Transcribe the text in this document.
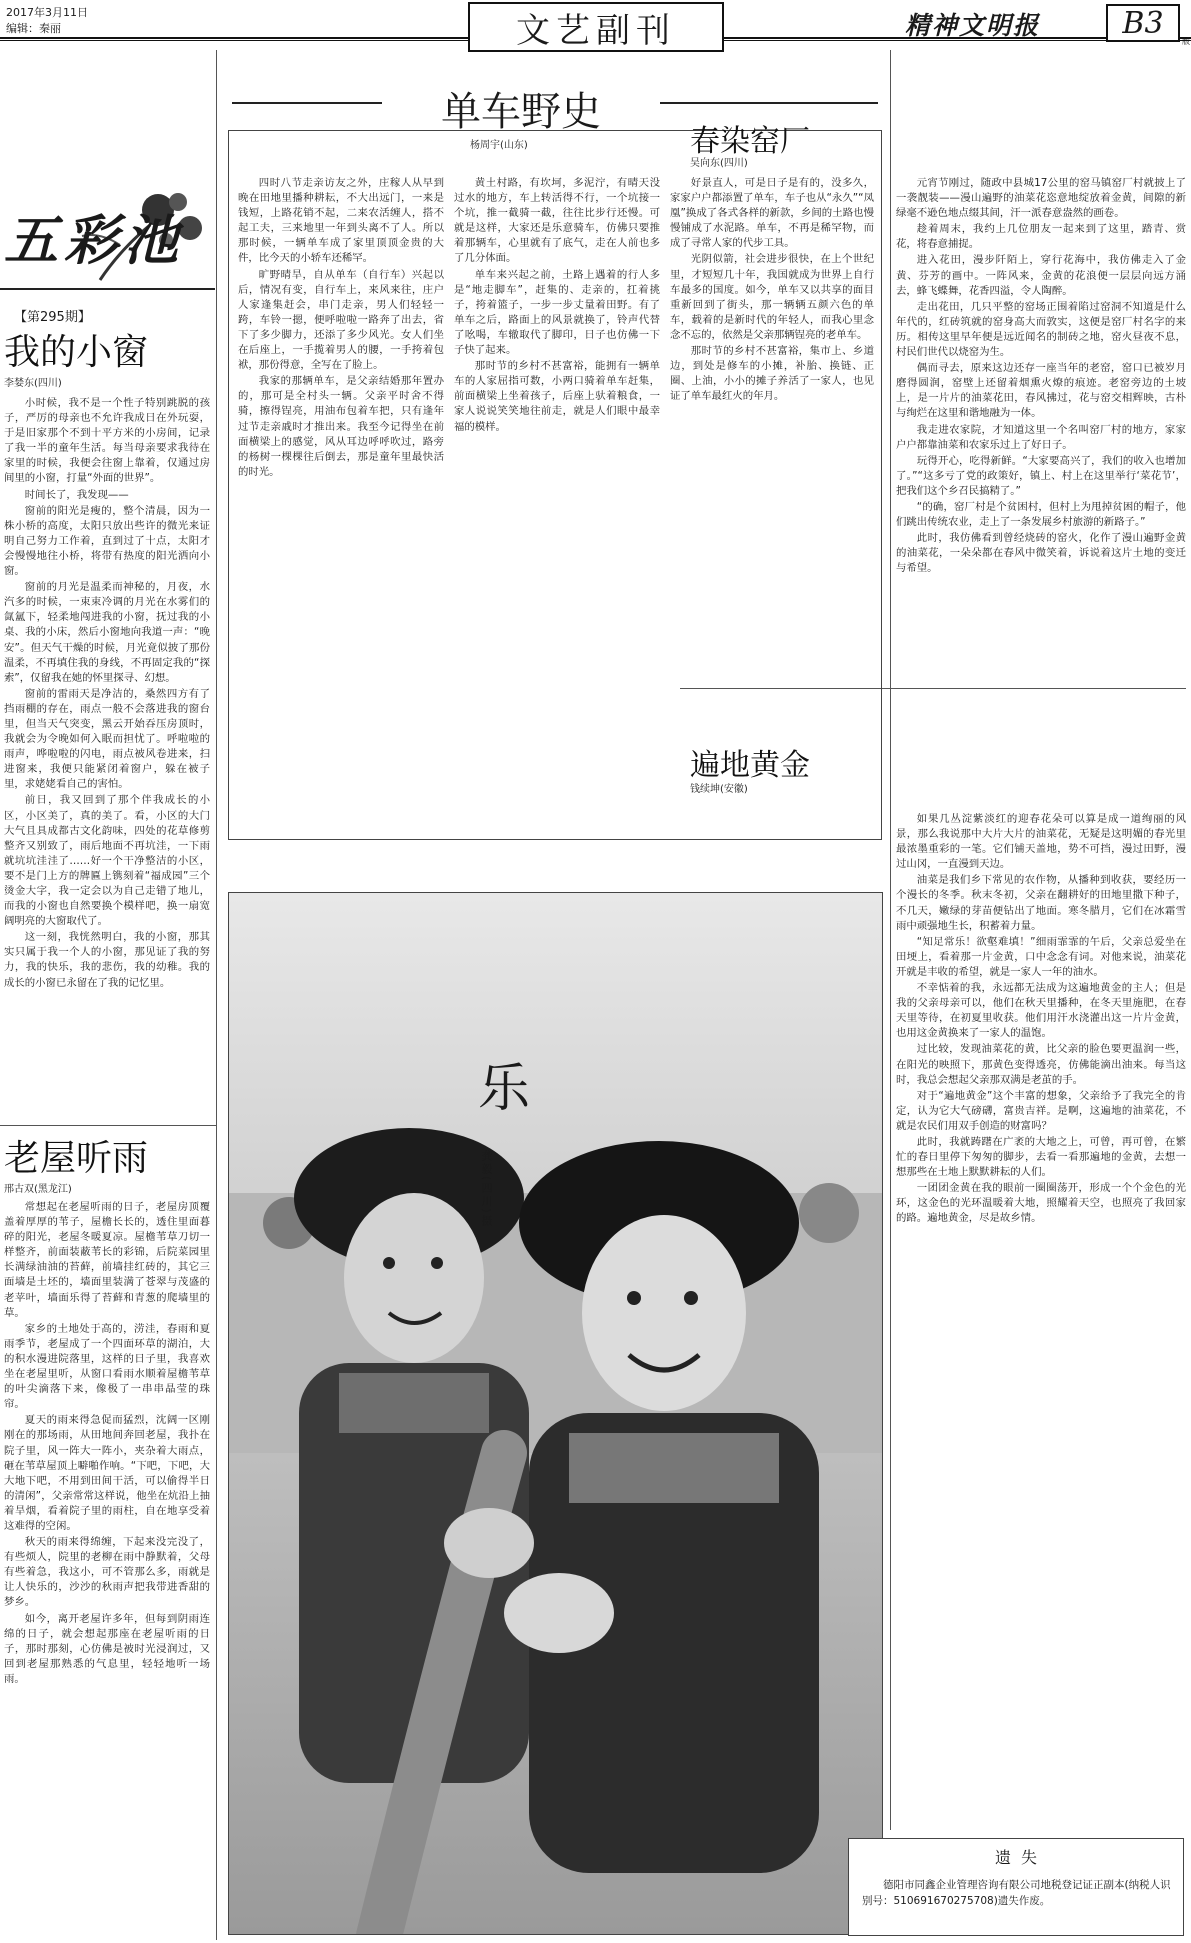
2017年3月11日
编辑：秦丽	文艺副刊	精神文明报	B3
版
五彩池
【第295期】
我的小窗
李婪东(四川)

小时候，我不是一个性子特别跳脱的孩子，严厉的母亲也不允许我成日在外玩耍，于是旧家那个不到十平方米的小房间，记录了我一半的童年生活。每当母亲要求我待在家里的时候，我便会往窗上靠着，仅通过房间里的小窗，打量“外面的世界”。

时间长了，我发现——

窗前的阳光是瘦的，整个清晨，因为一株小桥的高度，太阳只放出些许的微光来证明自己努力工作着，直到过了十点，太阳才会慢慢地往小桥，将带有热度的阳光洒向小窗。

窗前的月光是温柔而神秘的，月夜，水汽多的时候，一束束冷调的月光在水雾们的氤氲下，轻柔地闯进我的小窗，抚过我的小桌、我的小床，然后小窗地向我道一声：“晚安”。但天气干燥的时候，月光竟似披了那份温柔，不再填住我的身线，不再固定我的“探索”，仅留我在她的怀里探寻、幻想。

窗前的雷雨天是净洁的，桑然四方有了挡雨棚的存在，雨点一般不会落进我的窗台里，但当天气突变，黑云开始吞压房顶时，我就会为令晚如何入眠而担忧了。呼啦啦的雨声，哗啦啦的闪电，雨点被风卷进来，扫进窗来，我便只能紧闭着窗户，躲在被子里，求姥姥看自己的害怕。

前日，我又回到了那个伴我成长的小区，小区美了，真的美了。看，小区的大门大气且具成都古文化韵味，四处的花草修剪整齐又别致了，雨后地面不再坑洼，一下雨就坑坑洼洼了……好一个干净整洁的小区，要不是门上方的牌匾上镌刻着“福成园”三个烫金大字，我一定会以为自己走错了地儿，而我的小窗也自然要换个模样吧，换一扇宽阔明亮的大窗取代了。

这一刻，我恍然明白，我的小窗，那其实只属于我一个人的小窗，那见证了我的努力，我的快乐，我的悲伤，我的幼稚。我的成长的小窗已永留在了我的记忆里。

老屋听雨
邢古双(黑龙江)

常想起在老屋听雨的日子，老屋房顶覆盖着厚厚的苇子，屋檐长长的，透住里面暮碎的阳光，老屋冬暖夏凉。屋檐苇草刀切一样整齐，前面装蔽苇长的彩锦，后院菜园里长满绿油油的苔藓，前墙挂红砖的，其它三面墙是土坯的，墙面里装满了苍翠与茂盛的老苹叶，墙面乐得了苔藓和青葱的爬墙里的草。

家乡的土地处于高的，涝洼，春雨和夏雨季节，老屋成了一个四面环草的湖泊，大的积水漫进院落里，这样的日子里，我喜欢坐在老屋里听，从窗口看雨水顺着屋檐苇草的叶尖滴落下来，像极了一串串晶莹的珠帘。

夏天的雨来得急促而猛烈，沈阔一区刚刚在的那场雨，从田地间奔回老屋，我扑在院子里，风一阵大一阵小，夹杂着大雨点，砸在苇草屋顶上噼啪作响。“下吧，下吧，大大地下吧，不用到田间干活，可以偷得半日的清闲”，父亲常常这样说，他坐在炕沿上抽着旱烟，看着院子里的雨柱，自在地享受着这难得的空闲。

秋天的雨来得绵缠，下起来没完没了，有些烦人，院里的老柳在雨中静默着，父母有些着急，我这小，可不管那么多，雨就是让人快乐的，沙沙的秋雨声把我带进香甜的梦乡。

如今，离开老屋许多年，但每到阴雨连绵的日子，就会想起那座在老屋听雨的日子，那时那刻，心仿佛是被时光浸润过，又回到老屋那熟悉的气息里，轻轻地听一场雨。

单车野史
杨周宇(山东)

四时八节走亲访友之外，庄稼人从早到晚在田地里播种耕耘，不大出远门，一来是钱短，上路花销不起，二来农活缠人，搭不起工夫，三来地里一年到头离不了人。所以那时候，一辆单车成了家里顶顶金贵的大件，比今天的小轿车还稀罕。

旷野晴旱，自从单车（自行车）兴起以后，情况有变，自行车上，来风来往，庄户人家逢集赶会，串门走亲，男人们轻轻一跨，车铃一摁，便呼啦啦一路奔了出去，省下了多少脚力，还添了多少风光。女人们坐在后座上，一手揽着男人的腰，一手挎着包袱，那份得意，全写在了脸上。

我家的那辆单车，是父亲结婚那年置办的，那可是全村头一辆。父亲平时舍不得骑，擦得锃亮，用油布包着车把，只有逢年过节走亲戚时才推出来。我至今记得坐在前面横梁上的感觉，风从耳边呼呼吹过，路旁的杨树一棵棵往后倒去，那是童年里最快活的时光。

黄土村路，有坎坷，多泥泞，有晴天没过水的地方，车上转活得不行，一个坑接一个坑，推一截骑一截，往往比步行还慢。可就是这样，大家还是乐意骑车，仿佛只要推着那辆车，心里就有了底气，走在人前也多了几分体面。

单车来兴起之前，土路上遇着的行人多是“地走脚车”，赶集的、走亲的，扛着挑子，挎着篮子，一步一步丈量着田野。有了单车之后，路面上的风景就换了，铃声代替了吆喝，车辙取代了脚印，日子也仿佛一下子快了起来。

那时节的乡村不甚富裕，能拥有一辆单车的人家屈指可数，小两口骑着单车赶集，前面横梁上坐着孩子，后座上驮着粮食，一家人说说笑笑地往前走，就是人们眼中最幸福的模样。

好景直人，可是日子是有的，没多久，家家户户都添置了单车，车子也从“永久”“凤凰”换成了各式各样的新款，乡间的土路也慢慢铺成了水泥路。单车，不再是稀罕物，而成了寻常人家的代步工具。

光阴似箭，社会进步很快，在上个世纪里，才短短几十年，我国就成为世界上自行车最多的国度。如今，单车又以共享的面目重新回到了街头，那一辆辆五颜六色的单车，载着的是新时代的年轻人，而我心里念念不忘的，依然是父亲那辆锃亮的老单车。

那时节的乡村不甚富裕，集市上、乡道边，到处是修车的小摊，补胎、换链、正圈、上油，小小的摊子养活了一家人，也见证了单车最红火的年月。

春染窑厂
吴向东(四川)

元宵节刚过，随政中县城17公里的窑马镇窑厂村就披上了一袭靓装——漫山遍野的油菜花恣意地绽放着金黄，间隙的新绿毫不逊色地点缀其间，汗一派春意盎然的画卷。

趁着周末，我约上几位朋友一起来到了这里，踏青、赏花，将春意捕捉。

进入花田，漫步阡陌上，穿行花海中，我仿佛走入了金黄、芬芳的画中。一阵风来，金黄的花浪便一层层向远方涌去，蜂飞蝶舞，花香四溢，令人陶醉。

走出花田，几只平整的窑场正围着陷过窑洞不知道是什么年代的，红砖筑就的窑身高大而敦实，这便是窑厂村名字的来历。相传这里早年便是远近闻名的制砖之地，窑火昼夜不息，村民们世代以烧窑为生。

偶而寻去，原来这边还存一座当年的老窑，窑口已被岁月磨得圆润，窑壁上还留着烟熏火燎的痕迹。老窑旁边的土坡上，是一片片的油菜花田，春风拂过，花与窑交相辉映，古朴与绚烂在这里和谐地融为一体。

我走进农家院，才知道这里一个名叫窑厂村的地方，家家户户都靠油菜和农家乐过上了好日子。

玩得开心，吃得新鲜。“大家要高兴了，我们的收入也增加了。”“这多亏了党的政策好，镇上、村上在这里举行‘菜花节’，把我们这个乡召民搞精了。”

“的确，窑厂村是个贫困村，但村上为甩掉贫困的帽子，他们跳出传统农业，走上了一条发展乡村旅游的新路子。”

此时，我仿佛看到曾经烧砖的窑火，化作了漫山遍野金黄的油菜花，一朵朵都在春风中微笑着，诉说着这片土地的变迁与希望。

遍地黄金
钱续坤(安徽)

如果几丛淀紫淡红的迎春花朵可以算是成一道绚丽的风景，那么我说那中大片大片的油菜花，无疑是这明媚的春光里最浓墨重彩的一笔。它们铺天盖地，势不可挡，漫过田野，漫过山冈，一直漫到天边。

油菜是我们乡下常见的农作物，从播种到收获，要经历一个漫长的冬季。秋末冬初，父亲在翻耕好的田地里撒下种子，不几天，嫩绿的芽苗便钻出了地面。寒冬腊月，它们在冰霜雪雨中顽强地生长，积蓄着力量。

“知足常乐！欲壑难填！”细雨霏霏的午后，父亲总爱坐在田埂上，看着那一片金黄，口中念念有词。对他来说，油菜花开就是丰收的希望，就是一家人一年的油水。

不幸惦着的我，永远都无法成为这遍地黄金的主人；但是我的父亲母亲可以，他们在秋天里播种，在冬天里施肥，在春天里等待，在初夏里收获。他们用汗水浇灌出这一片片金黄，也用这金黄换来了一家人的温饱。

过比较，发现油菜花的黄，比父亲的脸色要更温润一些，在阳光的映照下，那黄色变得透亮，仿佛能滴出油来。每当这时，我总会想起父亲那双满是老茧的手。

对于“遍地黄金”这个丰富的想象，父亲给予了我完全的肯定，认为它大气磅礴，富贵吉祥。是啊，这遍地的油菜花，不就是农民们用双手创造的财富吗？

此时，我就踌躇在广袤的大地之上，可曾，再可曾，在繁忙的春日里停下匆匆的脚步，去看一看那遍地的金黄，去想一想那些在土地上默默耕耘的人们。

一团团金黄在我的眼前一圈圈荡开，形成一个个金色的光环，这金色的光环温暖着大地，照耀着天空，也照亮了我回家的路。遍地黄金，尽是故乡情。

乐
龚毅(四川)摄
遗失
德阳市同鑫企业管理咨询有限公司地税登记证正副本(纳税人识别号：510691670275708)遗失作废。
